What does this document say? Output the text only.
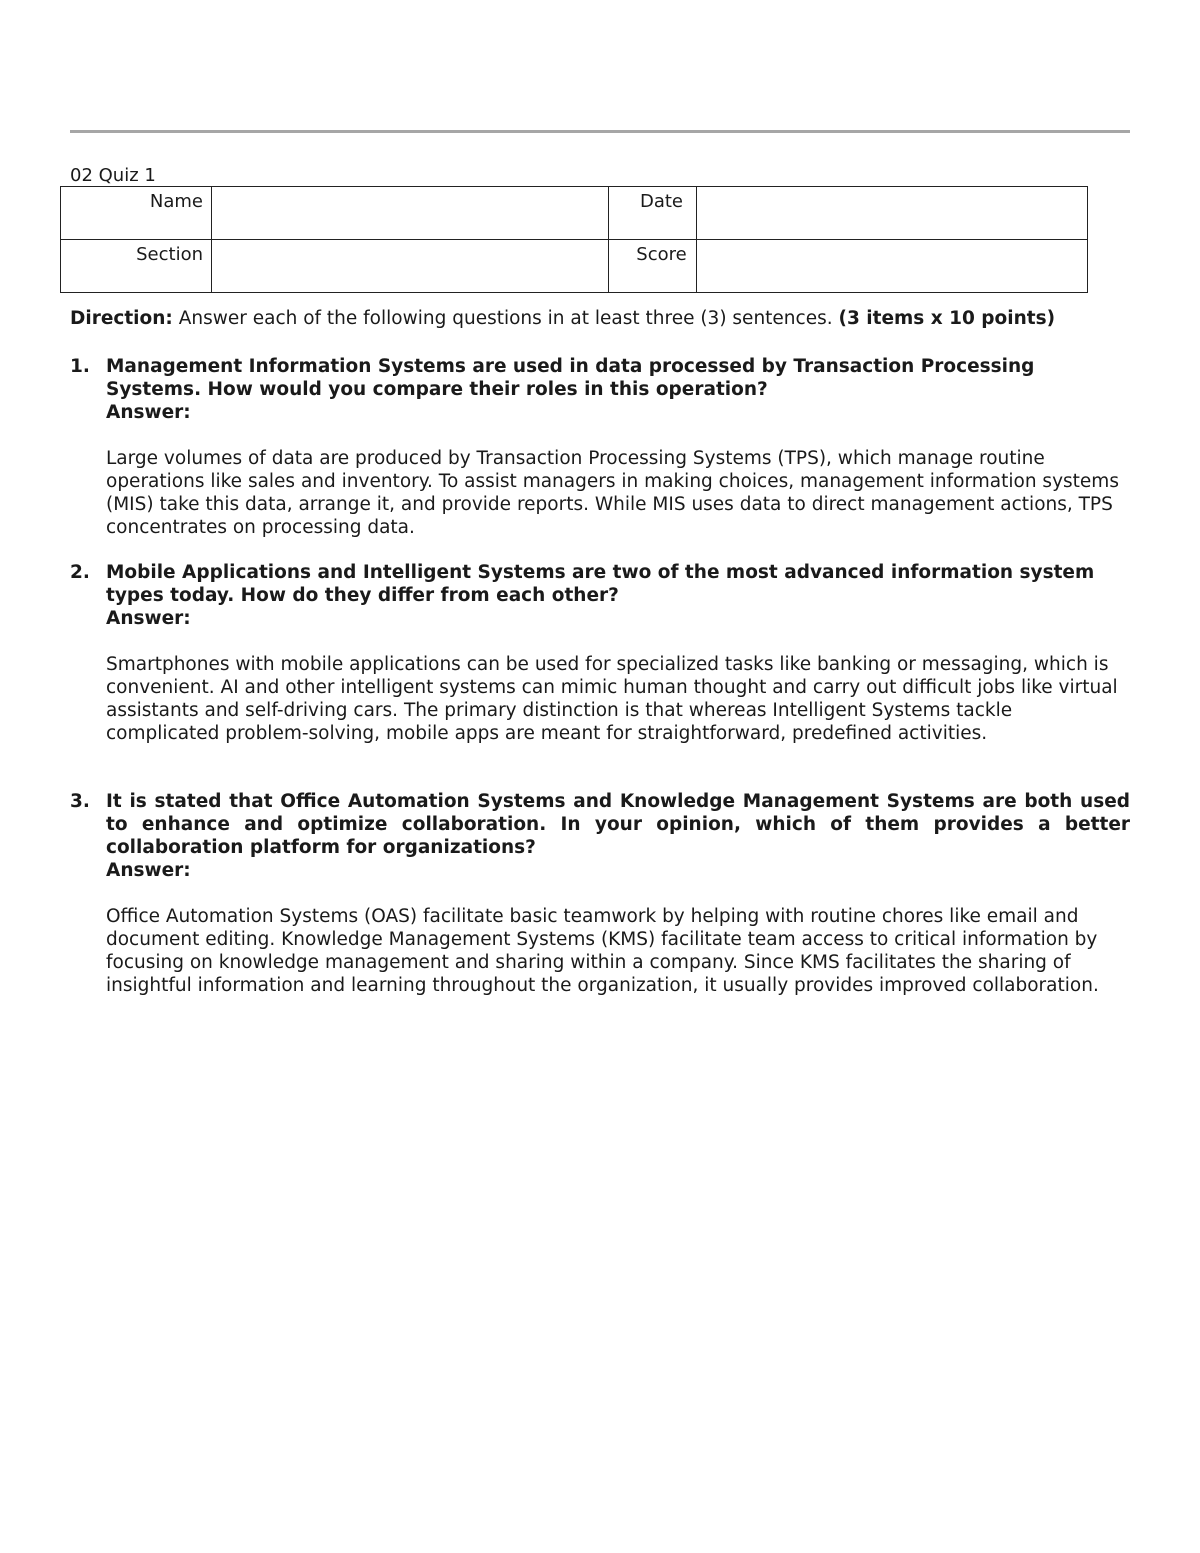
02 Quiz 1
Name		Date	
Section		Score	
Direction: Answer each of the following questions in at least three (3) sentences. (3 items x 10 points)
1. Management Information Systems are used in data processed by Transaction Processing Systems. How would you compare their roles in this operation?
Answer:
Large volumes of data are produced by Transaction Processing Systems (TPS), which manage routine operations like sales and inventory. To assist managers in making choices, management information systems (MIS) take this data, arrange it, and provide reports. While MIS uses data to direct management actions, TPS concentrates on processing data.
2. Mobile Applications and Intelligent Systems are two of the most advanced information system types today. How do they differ from each other?
Answer:
Smartphones with mobile applications can be used for specialized tasks like banking or messaging, which is convenient. AI and other intelligent systems can mimic human thought and carry out difficult jobs like virtual assistants and self-driving cars. The primary distinction is that whereas Intelligent Systems tackle complicated problem-solving, mobile apps are meant for straightforward, predefined activities.
3. It is stated that Office Automation Systems and Knowledge Management Systems are both used to enhance and optimize collaboration. In your opinion, which of them provides a better collaboration platform for organizations?
Answer:
Office Automation Systems (OAS) facilitate basic teamwork by helping with routine chores like email and document editing. Knowledge Management Systems (KMS) facilitate team access to critical information by focusing on knowledge management and sharing within a company. Since KMS facilitates the sharing of insightful information and learning throughout the organization, it usually provides improved collaboration.
